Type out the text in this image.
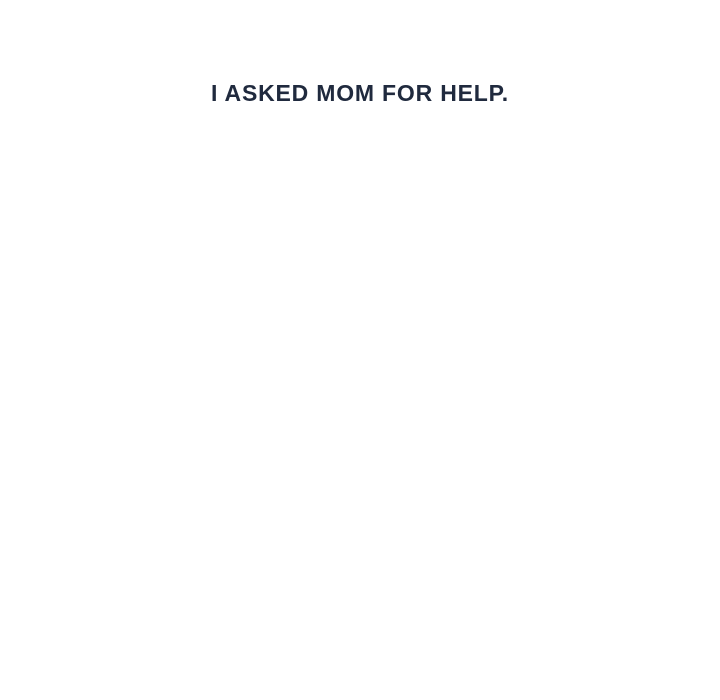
I ASKED MOM FOR HELP.
